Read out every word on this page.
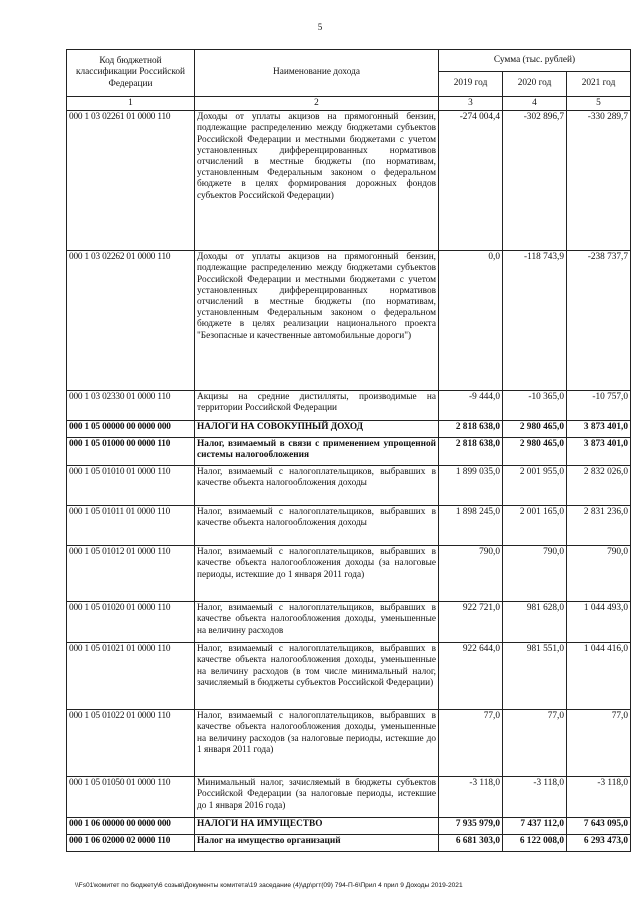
5
Код бюджетной классификации Российской Федерации	Наименование дохода	Сумма (тыс. рублей)		
		2019 год	2020 год	2021 год
1	2	3	4	5
000 1 03 02261 01 0000 110	Доходы от уплаты акцизов на прямогонный бензин, подлежащие распределению между бюджетами субъектов Российской Федерации и местными бюджетами с учетом установленных дифференцированных нормативов отчислений в местные бюджеты (по нормативам, установленным Федеральным законом о федеральном бюджете в целях формирования дорожных фондов субъектов Российской Федерации)	-274 004,4	-302 896,7	-330 289,7
000 1 03 02262 01 0000 110	Доходы от уплаты акцизов на прямогонный бензин, подлежащие распределению между бюджетами субъектов Российской Федерации и местными бюджетами с учетом установленных дифференцированных нормативов отчислений в местные бюджеты (по нормативам, установленным Федеральным законом о федеральном бюджете в целях реализации национального проекта "Безопасные и качественные автомобильные дороги")	0,0	-118 743,9	-238 737,7
000 1 03 02330 01 0000 110	Акцизы на средние дистилляты, производимые на территории Российской Федерации	-9 444,0	-10 365,0	-10 757,0
000 1 05 00000 00 0000 000	НАЛОГИ НА СОВОКУПНЫЙ ДОХОД	2 818 638,0	2 980 465,0	3 873 401,0
000 1 05 01000 00 0000 110	Налог, взимаемый в связи с применением упрощенной системы налогообложения	2 818 638,0	2 980 465,0	3 873 401,0
000 1 05 01010 01 0000 110	Налог, взимаемый с налогоплательщиков, выбравших в качестве объекта налогообложения доходы	1 899 035,0	2 001 955,0	2 832 026,0
000 1 05 01011 01 0000 110	Налог, взимаемый с налогоплательщиков, выбравших в качестве объекта налогообложения доходы	1 898 245,0	2 001 165,0	2 831 236,0
000 1 05 01012 01 0000 110	Налог, взимаемый с налогоплательщиков, выбравших в качестве объекта налогообложения доходы (за налоговые периоды, истекшие до 1 января 2011 года)	790,0	790,0	790,0
000 1 05 01020 01 0000 110	Налог, взимаемый с налогоплательщиков, выбравших в качестве объекта налогообложения доходы, уменьшенные на величину расходов	922 721,0	981 628,0	1 044 493,0
000 1 05 01021 01 0000 110	Налог, взимаемый с налогоплательщиков, выбравших в качестве объекта налогообложения доходы, уменьшенные на величину расходов (в том числе минимальный налог, зачисляемый в бюджеты субъектов Российской Федерации)	922 644,0	981 551,0	1 044 416,0
000 1 05 01022 01 0000 110	Налог, взимаемый с налогоплательщиков, выбравших в качестве объекта налогообложения доходы, уменьшенные на величину расходов (за налоговые периоды, истекшие до 1 января 2011 года)	77,0	77,0	77,0
000 1 05 01050 01 0000 110	Минимальный налог, зачисляемый в бюджеты субъектов Российской Федерации (за налоговые периоды, истекшие до 1 января 2016 года)	-3 118,0	-3 118,0	-3 118,0
000 1 06 00000 00 0000 000	НАЛОГИ НА ИМУЩЕСТВО	7 935 979,0	7 437 112,0	7 643 095,0
000 1 06 02000 02 0000 110	Налог на имущество организаций	6 681 303,0	6 122 008,0	6 293 473,0
\\Fs01\комитет по бюджету\6 созыв\Документы комитета\19 заседание (4)\др\ргт(09) 794-П-6\Прил 4 прил 9 Доходы 2019-2021
